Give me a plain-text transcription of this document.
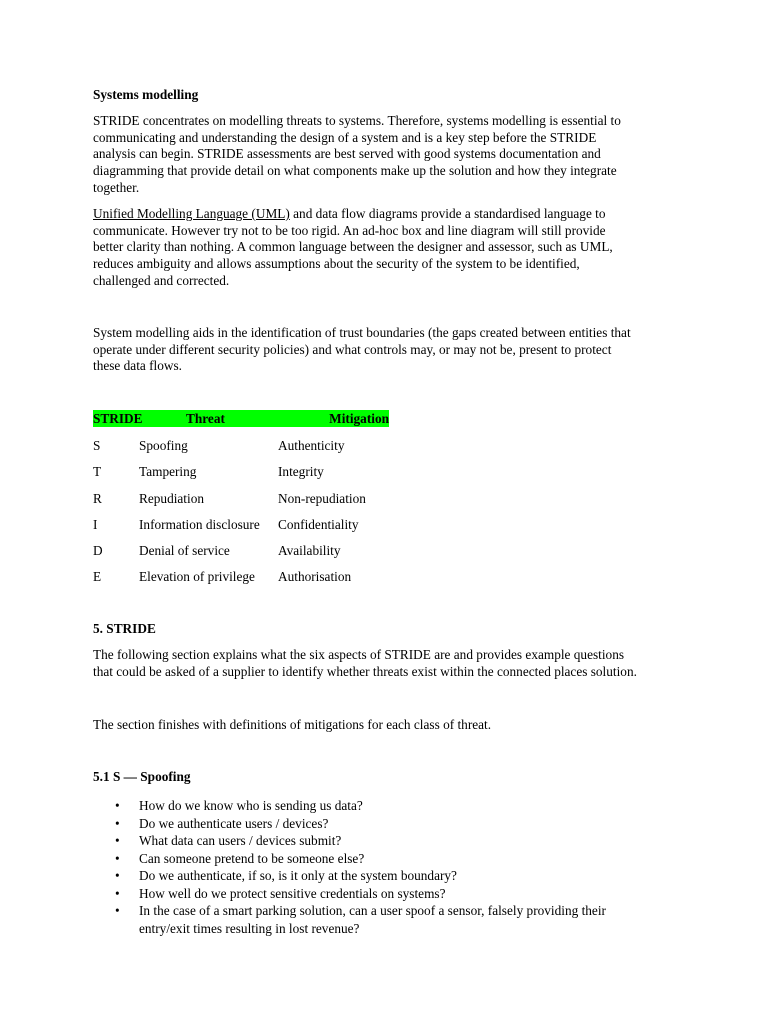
Systems modelling

STRIDE concentrates on modelling threats to systems. Therefore, systems modelling is essential to
communicating and understanding the design of a system and is a key step before the STRIDE
analysis can begin. STRIDE assessments are best served with good systems documentation and
diagramming that provide detail on what components make up the solution and how they integrate
together.

Unified Modelling Language (UML) and data flow diagrams provide a standardised language to
communicate. However try not to be too rigid. An ad-hoc box and line diagram will still provide
better clarity than nothing. A common language between the designer and assessor, such as UML,
reduces ambiguity and allows assumptions about the security of the system to be identified,
challenged and corrected.

System modelling aids in the identification of trust boundaries (the gaps created between entities that
operate under different security policies) and what controls may, or may not be, present to protect
these data flows.

STRIDE	Threat	Mitigation
S	Spoofing	Authenticity
T	Tampering	Integrity
R	Repudiation	Non-repudiation
I	Information disclosure	Confidentiality
D	Denial of service	Availability
E	Elevation of privilege	Authorisation
5. STRIDE

The following section explains what the six aspects of STRIDE are and provides example questions
that could be asked of a supplier to identify whether threats exist within the connected places solution.

The section finishes with definitions of mitigations for each class of threat.

5.1 S — Spoofing
• How do we know who is sending us data?
• Do we authenticate users / devices?
• What data can users / devices submit?
• Can someone pretend to be someone else?
• Do we authenticate, if so, is it only at the system boundary?
• How well do we protect sensitive credentials on systems?
• In the case of a smart parking solution, can a user spoof a sensor, falsely providing their
entry/exit times resulting in lost revenue?
